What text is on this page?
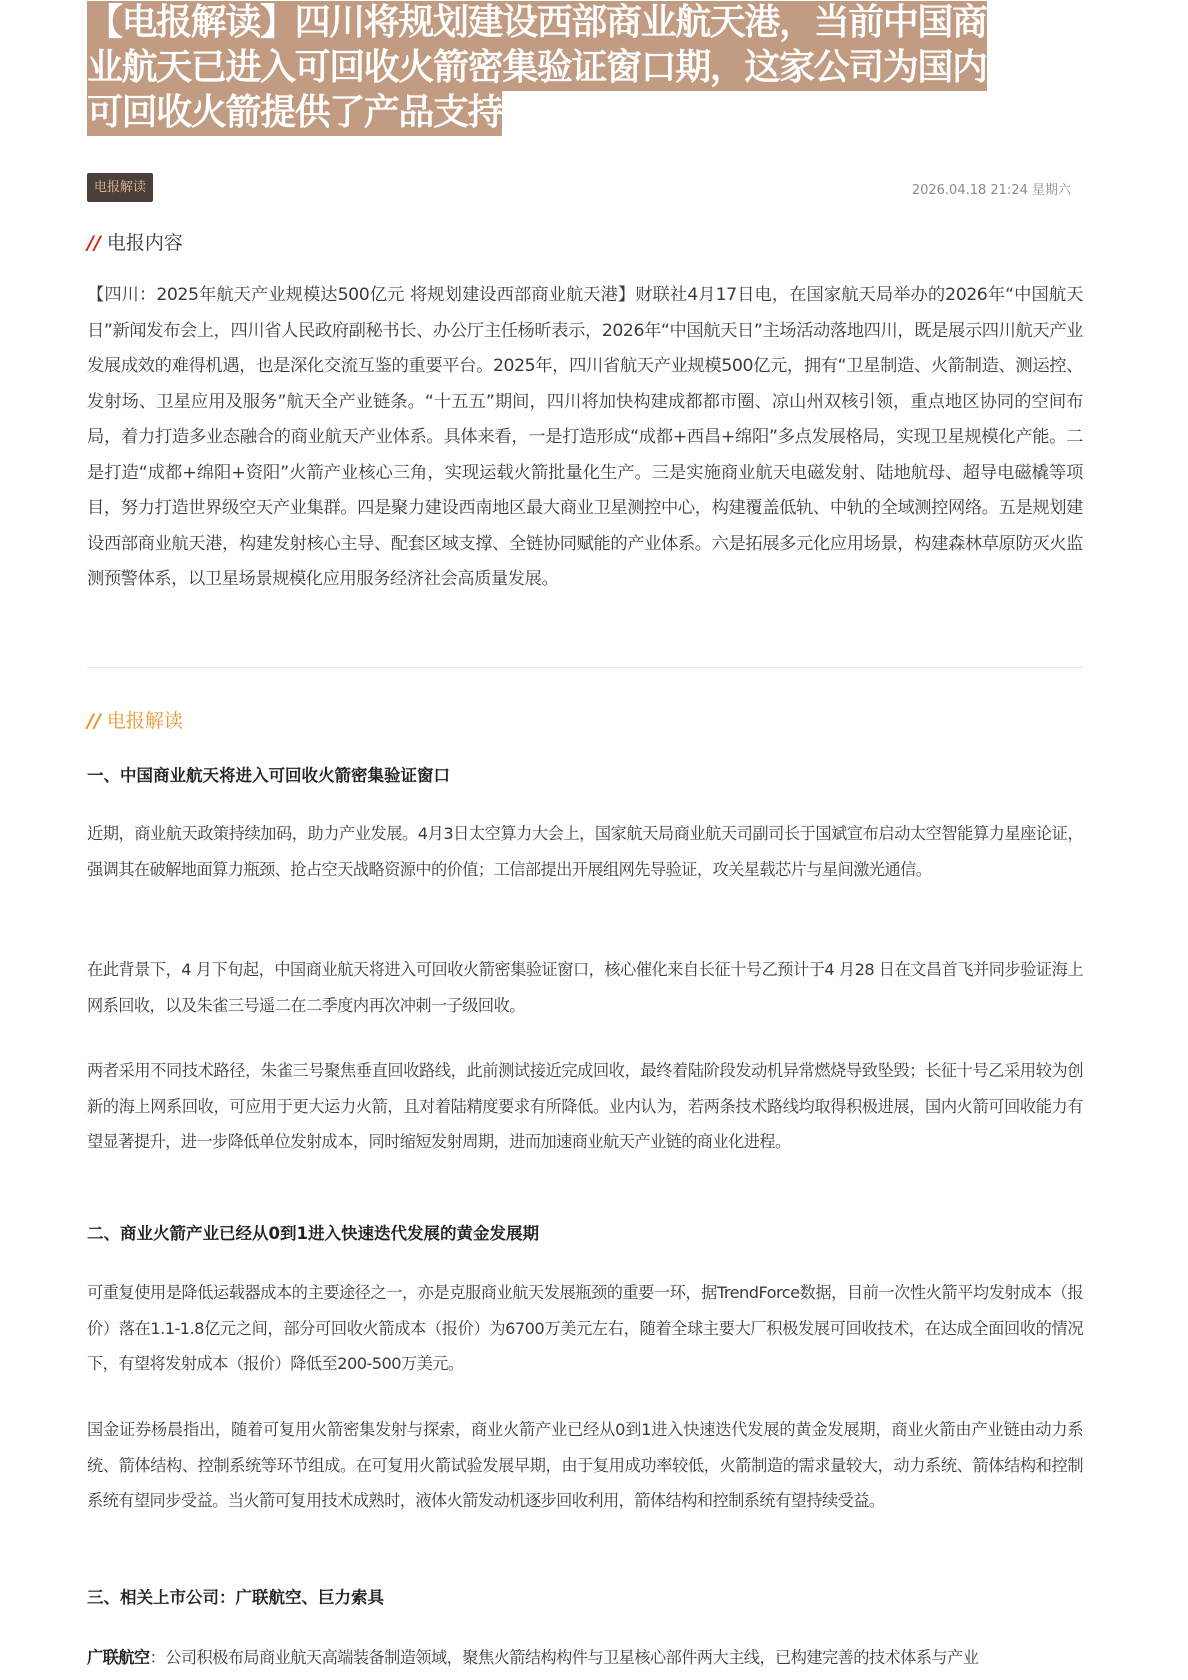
【电报解读】四川将规划建设西部商业航天港，当前中国商
业航天已进入可回收火箭密集验证窗口期，这家公司为国内
可回收火箭提供了产品支持
电报解读	2026.04.18 21:24 星期六
// 电报内容

【四川：2025年航天产业规模达500亿元 将规划建设西部商业航天港】财联社4月17日电，在国家航天局举办的2026年“中国航天日”新闻发布会上，四川省人民政府副秘书长、办公厅主任杨昕表示，2026年“中国航天日”主场活动落地四川，既是展示四川航天产业发展成效的难得机遇，也是深化交流互鉴的重要平台。2025年，四川省航天产业规模500亿元，拥有“卫星制造、火箭制造、测运控、发射场、卫星应用及服务”航天全产业链条。“十五五”期间，四川将加快构建成都都市圈、凉山州双核引领，重点地区协同的空间布局，着力打造多业态融合的商业航天产业体系。具体来看，一是打造形成“成都+西昌+绵阳”多点发展格局，实现卫星规模化产能。二是打造“成都+绵阳+资阳”火箭产业核心三角，实现运载火箭批量化生产。三是实施商业航天电磁发射、陆地航母、超导电磁橇等项目，努力打造世界级空天产业集群。四是聚力建设西南地区最大商业卫星测控中心，构建覆盖低轨、中轨的全域测控网络。五是规划建设西部商业航天港，构建发射核心主导、配套区域支撑、全链协同赋能的产业体系。六是拓展多元化应用场景，构建森林草原防灭火监测预警体系，以卫星场景规模化应用服务经济社会高质量发展。

// 电报解读
一、中国商业航天将进入可回收火箭密集验证窗口

近期，商业航天政策持续加码，助力产业发展。4月3日太空算力大会上，国家航天局商业航天司副司长于国斌宣布启动太空智能算力星座论证，强调其在破解地面算力瓶颈、抢占空天战略资源中的价值；工信部提出开展组网先导验证，攻关星载芯片与星间激光通信。

在此背景下，4 月下旬起，中国商业航天将进入可回收火箭密集验证窗口，核心催化来自长征十号乙预计于4 月28 日在文昌首飞并同步验证海上网系回收，以及朱雀三号遥二在二季度内再次冲刺一子级回收。

两者采用不同技术路径，朱雀三号聚焦垂直回收路线，此前测试接近完成回收，最终着陆阶段发动机异常燃烧导致坠毁；长征十号乙采用较为创新的海上网系回收，可应用于更大运力火箭，且对着陆精度要求有所降低。业内认为，若两条技术路线均取得积极进展，国内火箭可回收能力有望显著提升，进一步降低单位发射成本，同时缩短发射周期，进而加速商业航天产业链的商业化进程。

二、商业火箭产业已经从0到1进入快速迭代发展的黄金发展期

可重复使用是降低运载器成本的主要途径之一，亦是克服商业航天发展瓶颈的重要一环，据TrendForce数据，目前一次性火箭平均发射成本（报价）落在1.1-1.8亿元之间，部分可回收火箭成本（报价）为6700万美元左右，随着全球主要大厂积极发展可回收技术，在达成全面回收的情况下，有望将发射成本（报价）降低至200-500万美元。

国金证券杨晨指出，随着可复用火箭密集发射与探索，商业火箭产业已经从0到1进入快速迭代发展的黄金发展期，商业火箭由产业链由动力系统、箭体结构、控制系统等环节组成。在可复用火箭试验发展早期，由于复用成功率较低，火箭制造的需求量较大，动力系统、箭体结构和控制系统有望同步受益。当火箭可复用技术成熟时，液体火箭发动机逐步回收利用，箭体结构和控制系统有望持续受益。

三、相关上市公司：广联航空、巨力索具

广联航空：公司积极布局商业航天高端装备制造领域，聚焦火箭结构构件与卫星核心部件两大主线，已构建完善的技术体系与产业
